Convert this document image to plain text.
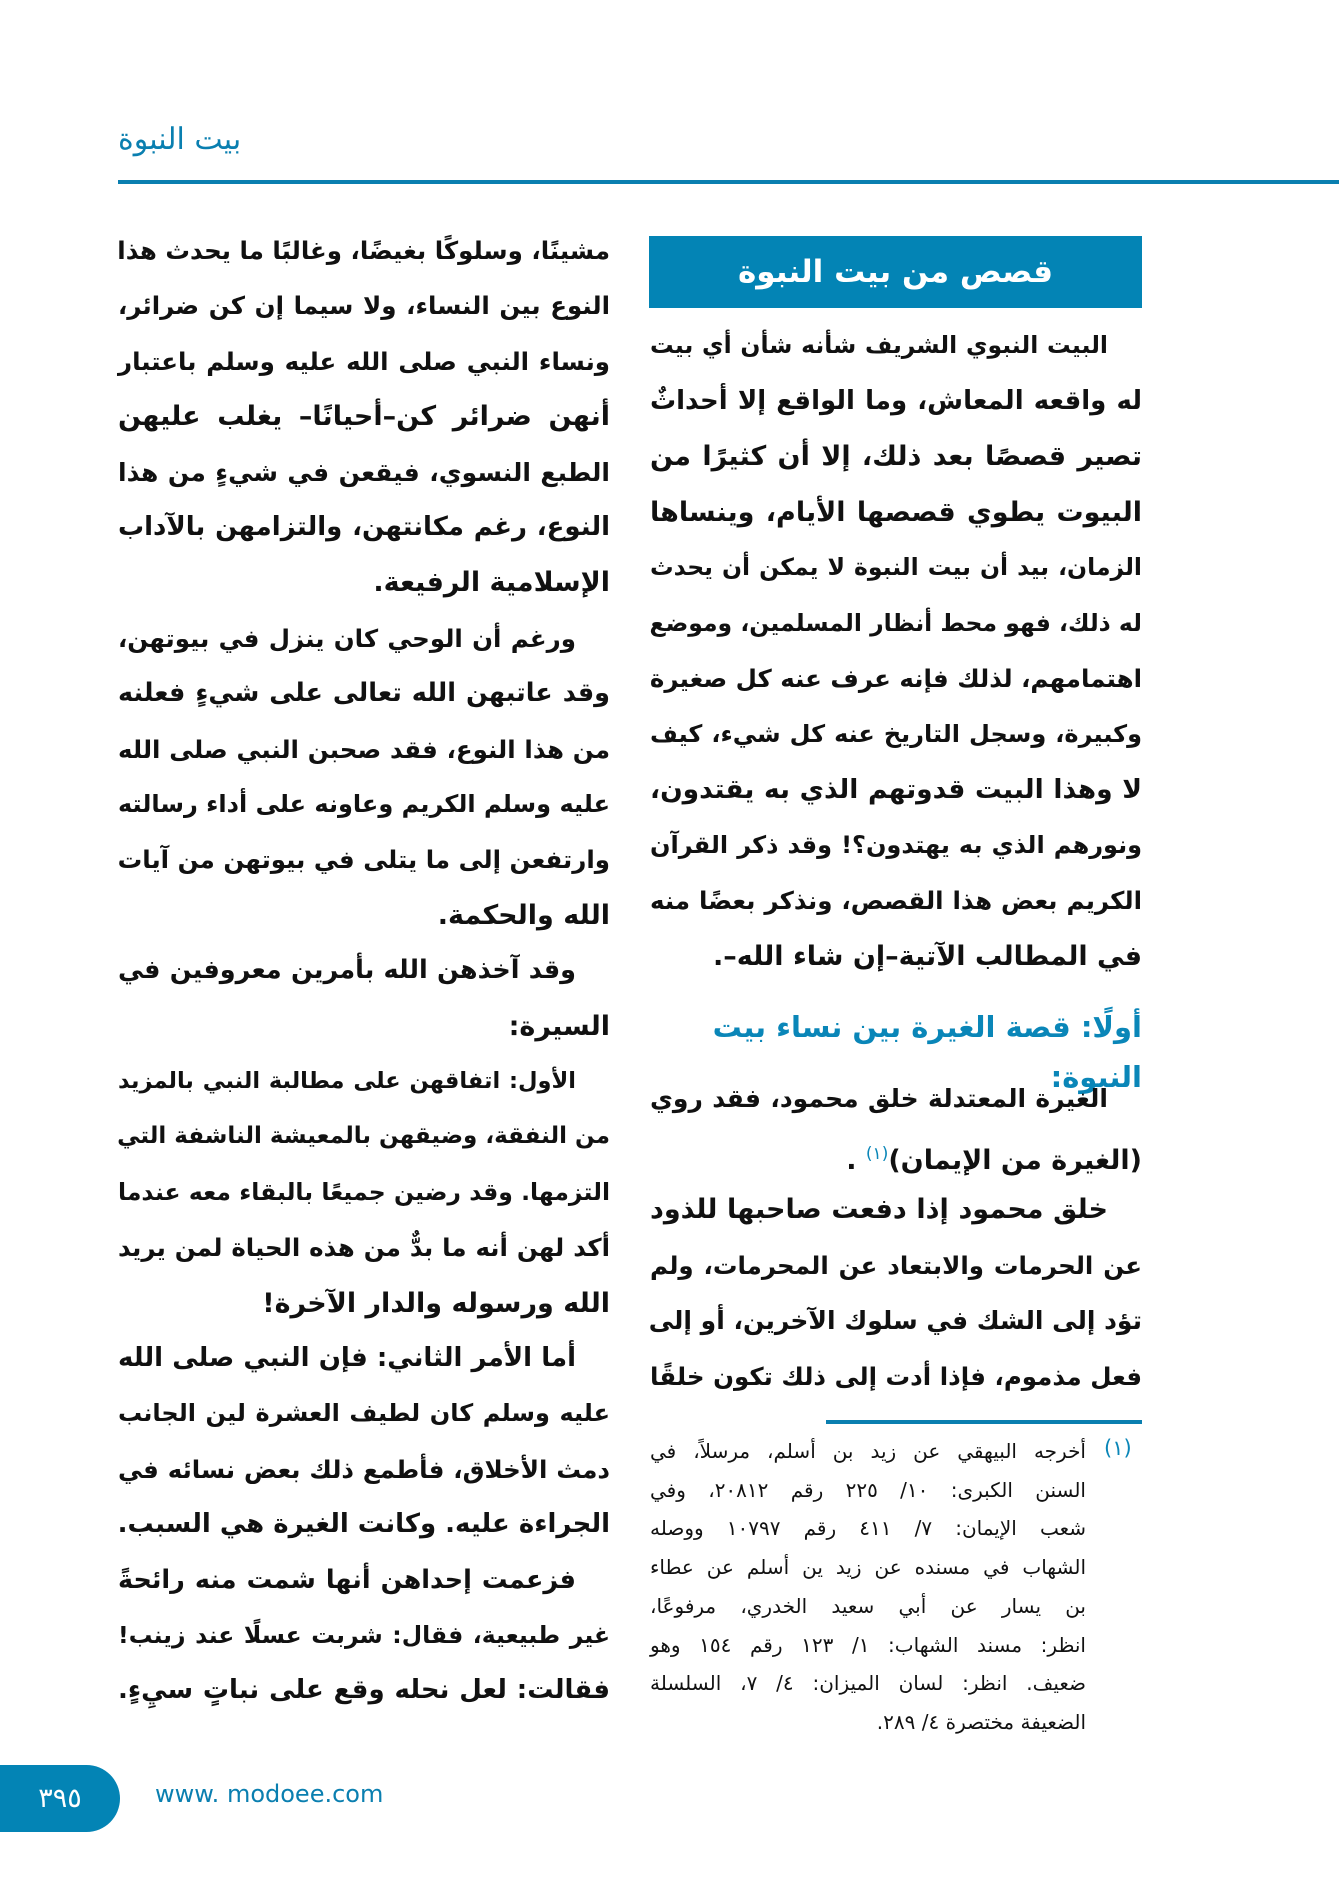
بيت النبوة
قصص من بيت النبوة
البيت النبوي الشريف شأنه شأن أي بيت
له واقعه المعاش، وما الواقع إلا أحداثٌ
تصير قصصًا بعد ذلك، إلا أن كثيرًا من
البيوت يطوي قصصها الأيام، وينساها
الزمان، بيد أن بيت النبوة لا يمكن أن يحدث
له ذلك، فهو محط أنظار المسلمين، وموضع
اهتمامهم، لذلك فإنه عرف عنه كل صغيرة
وكبيرة، وسجل التاريخ عنه كل شيء، كيف
لا وهذا البيت قدوتهم الذي به يقتدون،
ونورهم الذي به يهتدون؟! وقد ذكر القرآن
الكريم بعض هذا القصص، ونذكر بعضًا منه
في المطالب الآتية–إن شاء الله–.
أولًا: قصة الغيرة بين نساء بيت النبوة:
الغيرة المعتدلة خلق محمود، فقد روي
(الغيرة من الإيمان)$^{(١)}$ .
خلق محمود إذا دفعت صاحبها للذود
عن الحرمات والابتعاد عن المحرمات، ولم
تؤد إلى الشك في سلوك الآخرين، أو إلى
فعل مذموم، فإذا أدت إلى ذلك تكون خلقًا
(١)
أخرجه البيهقي عن زيد بن أسلم، مرسلاً، في
السنن الكبرى: ١٠/ ٢٢٥ رقم ٢٠٨١٢، وفي
شعب الإيمان: ٧/ ٤١١ رقم ١٠٧٩٧ ووصله
الشهاب في مسنده عن زيد ين أسلم عن عطاء
بن يسار عن أبي سعيد الخدري، مرفوعًا،
انظر: مسند الشهاب: ١/ ١٢٣ رقم ١٥٤ وهو
ضعيف. انظر: لسان الميزان: ٤/ ٧، السلسلة
الضعيفة مختصرة ٤/ ٢٨٩.
مشينًا، وسلوكًا بغيضًا، وغالبًا ما يحدث هذا
النوع بين النساء، ولا سيما إن كن ضرائر،
ونساء النبي صلى الله عليه وسلم باعتبار
أنهن ضرائر كن–أحيانًا– يغلب عليهن
الطبع النسوي، فيقعن في شيءٍ من هذا
النوع، رغم مكانتهن، والتزامهن بالآداب
الإسلامية الرفيعة.
ورغم أن الوحي كان ينزل في بيوتهن،
وقد عاتبهن الله تعالى على شيءٍ فعلنه
من هذا النوع، فقد صحبن النبي صلى الله
عليه وسلم الكريم وعاونه على أداء رسالته
وارتفعن إلى ما يتلى في بيوتهن من آيات
الله والحكمة.
وقد آخذهن الله بأمرين معروفين في
السيرة:
الأول: اتفاقهن على مطالبة النبي بالمزيد
من النفقة، وضيقهن بالمعيشة الناشفة التي
التزمها. وقد رضين جميعًا بالبقاء معه عندما
أكد لهن أنه ما بدٌّ من هذه الحياة لمن يريد
الله ورسوله والدار الآخرة!
أما الأمر الثاني: فإن النبي صلى الله
عليه وسلم كان لطيف العشرة لين الجانب
دمث الأخلاق، فأطمع ذلك بعض نسائه في
الجراءة عليه. وكانت الغيرة هي السبب.
فزعمت إحداهن أنها شمت منه رائحةً
غير طبيعية، فقال: شربت عسلًا عند زينب!
فقالت: لعل نحله وقع على نباتٍ سيِءٍ.
٣٩٥	www. modoee.com
